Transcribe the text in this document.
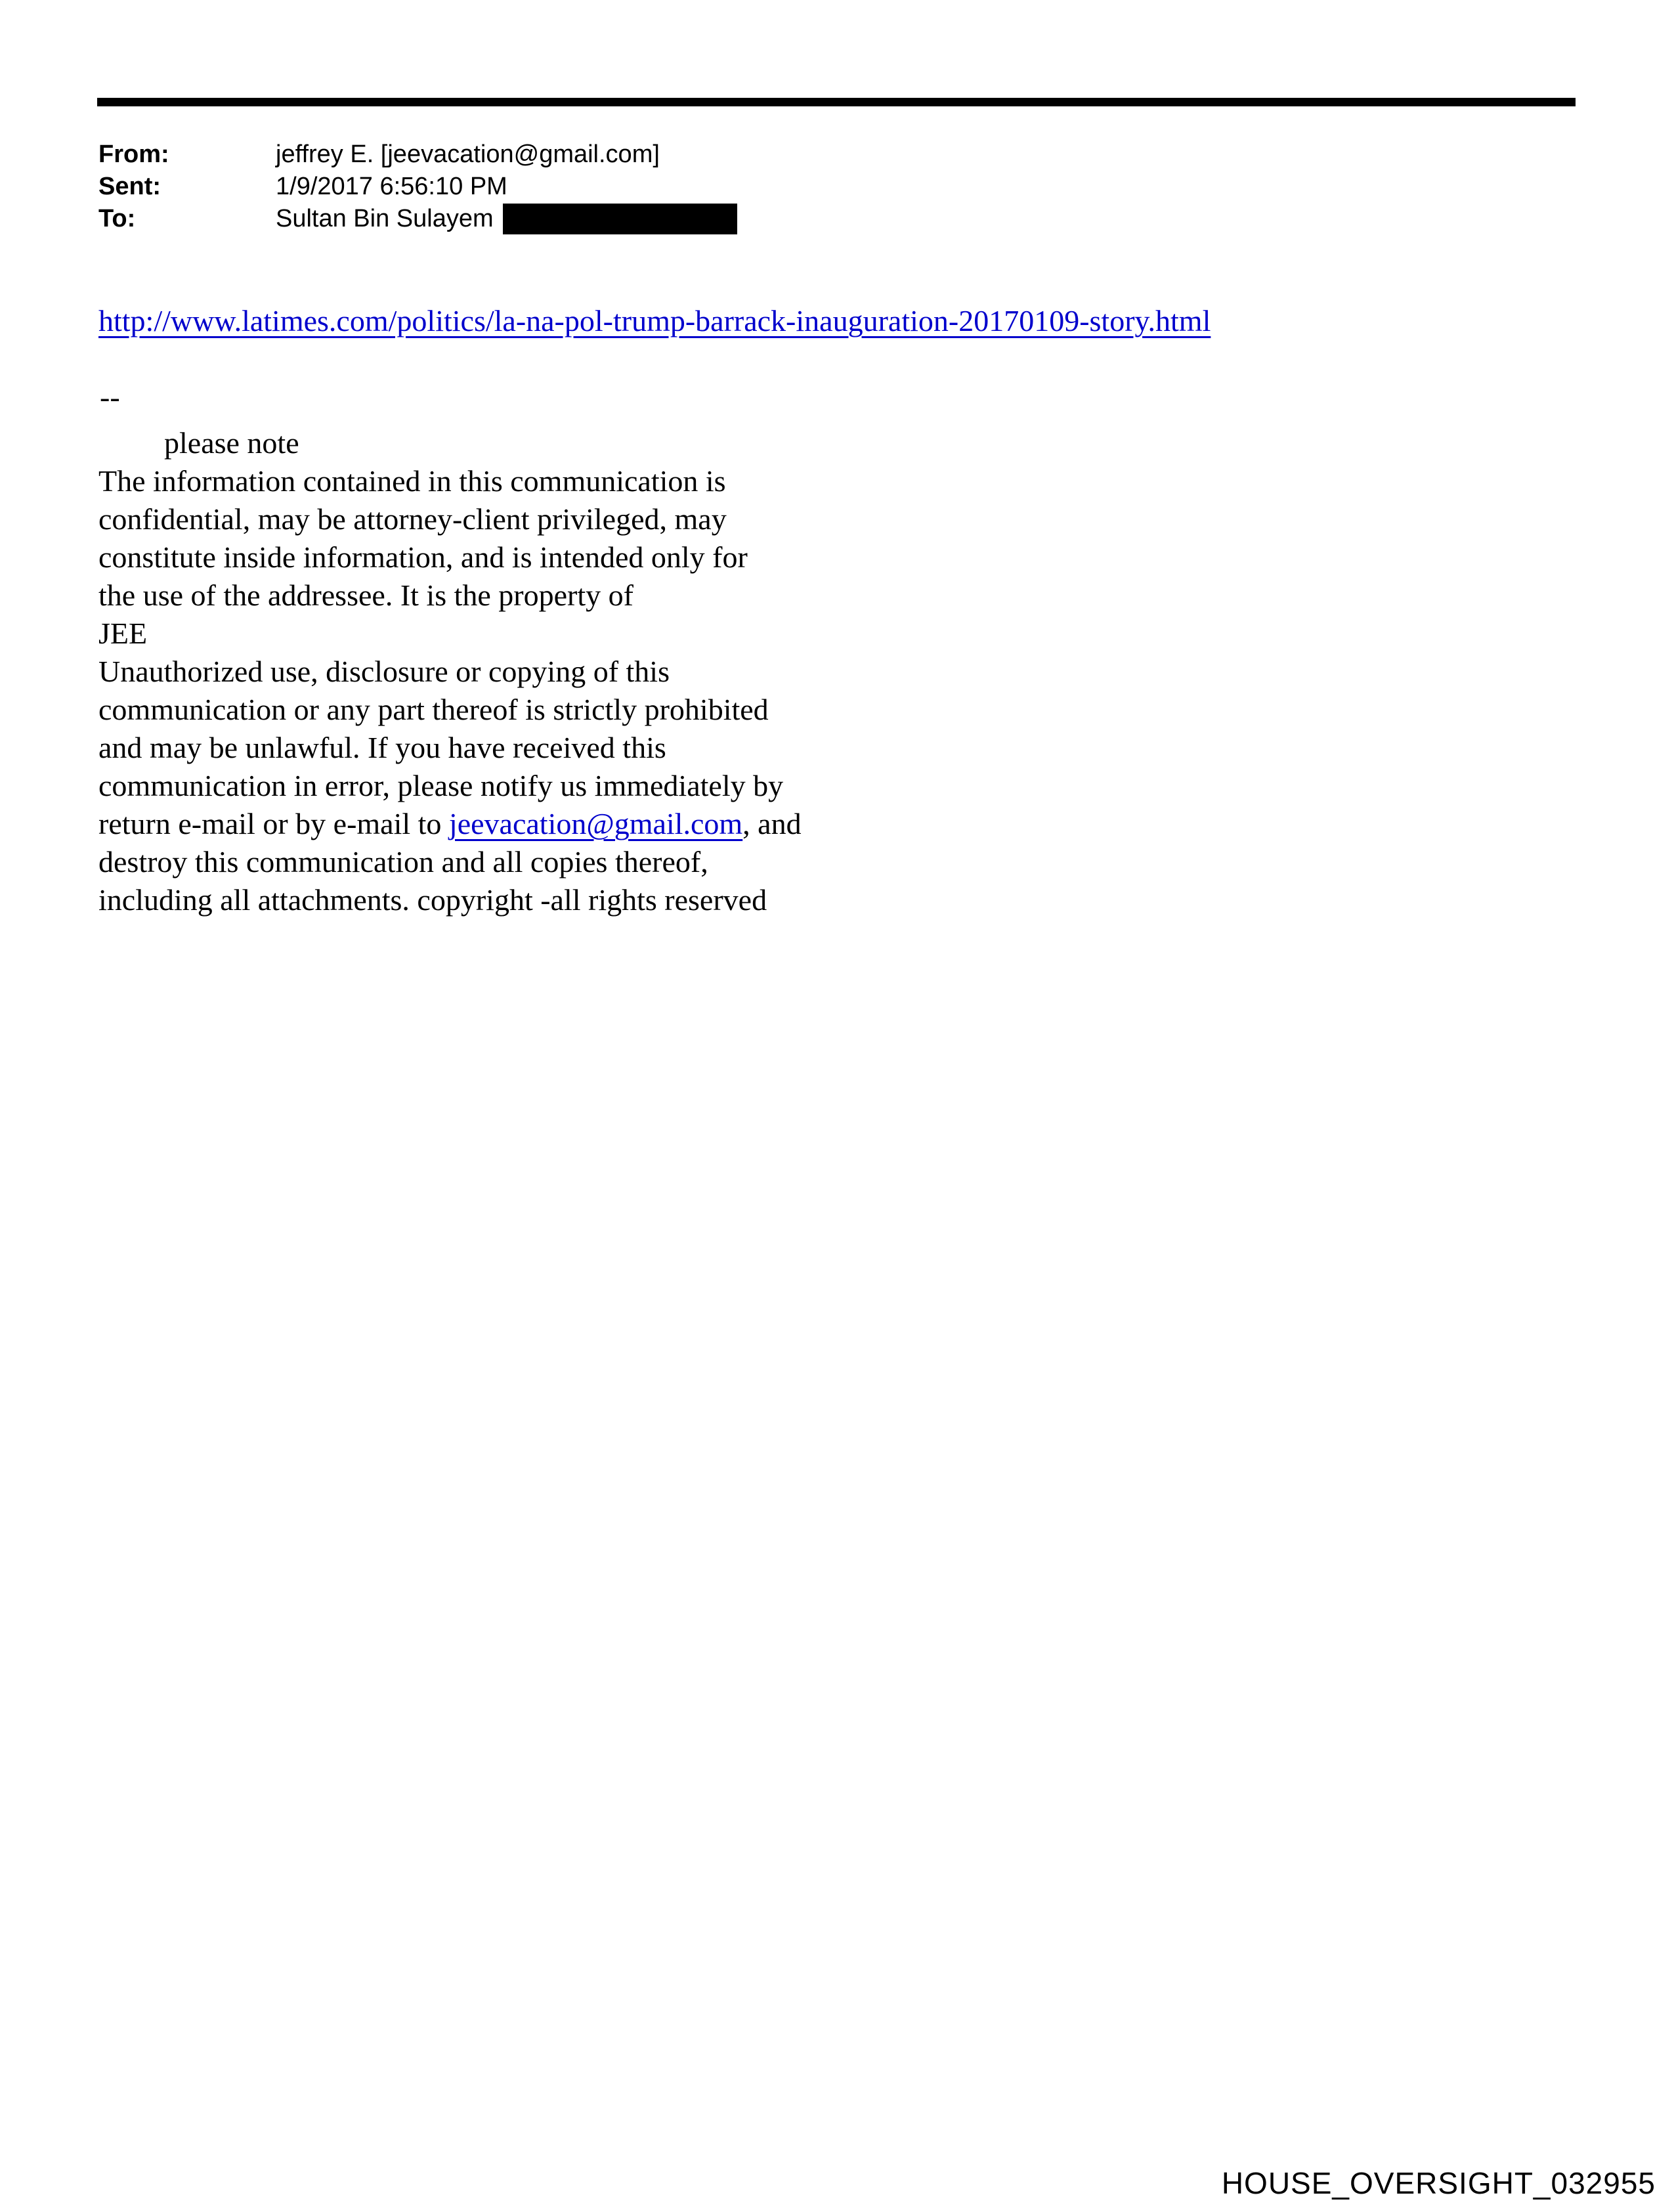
From:	jeffrey E. [jeevacation@gmail.com]
Sent:	1/9/2017 6:56:10 PM
To:	Sultan Bin Sulayem
http://www.latimes.com/politics/la-na-pol-trump-barrack-inauguration-20170109-story.html
--
please note
The information contained in this communication is
confidential, may be attorney-client privileged, may
constitute inside information, and is intended only for
the use of the addressee. It is the property of
JEE
Unauthorized use, disclosure or copying of this
communication or any part thereof is strictly prohibited
and may be unlawful. If you have received this
communication in error, please notify us immediately by
return e-mail or by e-mail to jeevacation@gmail.com, and
destroy this communication and all copies thereof,
including all attachments. copyright -all rights reserved
HOUSE_OVERSIGHT_032955
